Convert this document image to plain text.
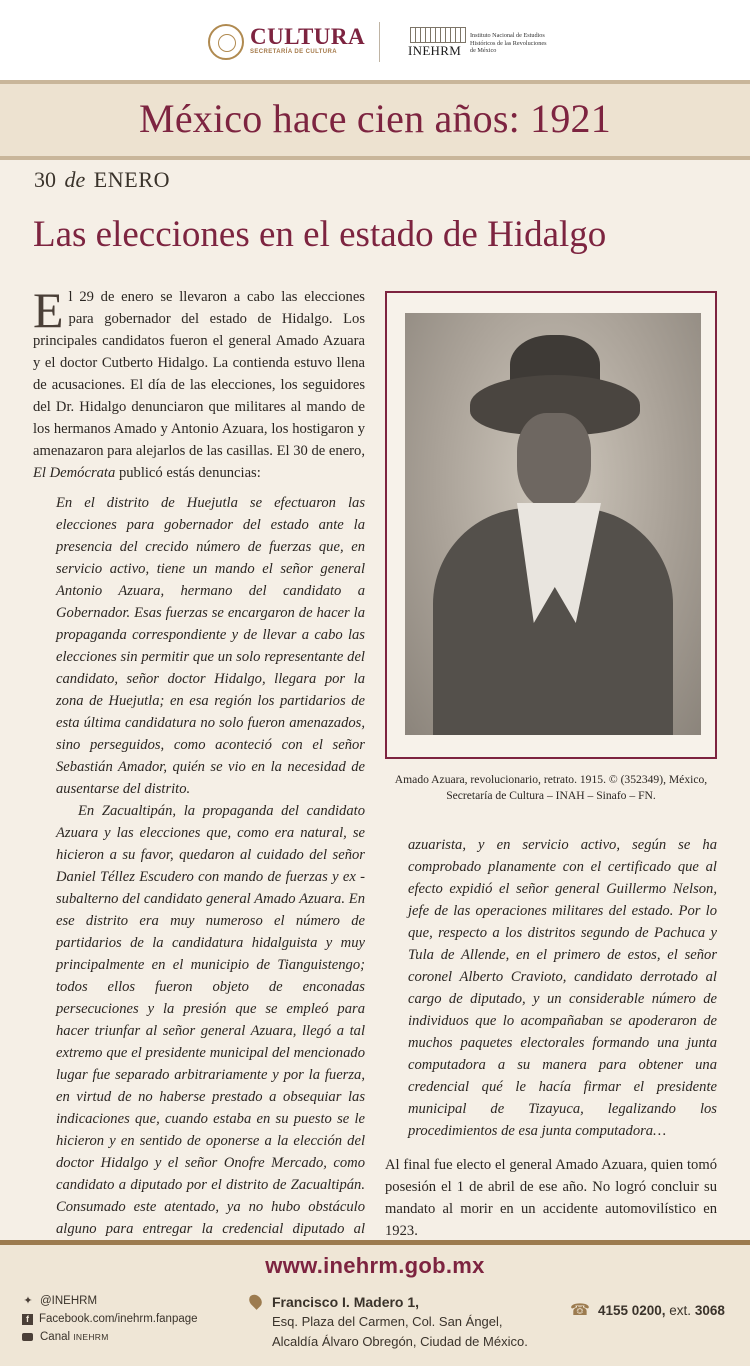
CULTURA
SECRETARÍA DE CULTURA	INEHRM
Instituto Nacional de Estudios Históricos de las Revoluciones de México
México hace cien años: 1921
30 de ENERO
Las elecciones en el estado de Hidalgo

El 29 de enero se llevaron a cabo las elecciones para gobernador del estado de Hidalgo. Los principales candidatos fueron el general Amado Azuara y el doctor Cutberto Hidalgo. La contienda estuvo llena de acusaciones. El día de las elecciones, los seguidores del Dr. Hidalgo denunciaron que militares al mando de los hermanos Amado y Antonio Azuara, los hostigaron y amenazaron para alejarlos de las casillas. El 30 de enero, El Demócrata publicó estás denuncias:

En el distrito de Huejutla se efectuaron las elecciones para gobernador del estado ante la presencia del crecido número de fuerzas que, en servicio activo, tiene un mando el señor general Antonio Azuara, hermano del candidato a Gobernador. Esas fuerzas se encargaron de hacer la propaganda correspondiente y de llevar a cabo las elecciones sin permitir que un solo representante del candidato, señor doctor Hidalgo, llegara por la zona de Huejutla; en esa región los partidarios de esta última candidatura no solo fueron amenazados, sino perseguidos, como aconteció con el señor Sebastián Amador, quién se vio en la necesidad de ausentarse del distrito.

En Zacualtipán, la propaganda del candidato Azuara y las elecciones que, como era natural, se hicieron a su favor, quedaron al cuidado del señor Daniel Téllez Escudero con mando de fuerzas y ex - subalterno del candidato general Amado Azuara. En ese distrito era muy numeroso el número de partidarios de la candidatura hidalguista y muy principalmente en el municipio de Tianguistengo; todos ellos fueron objeto de enconadas persecuciones y la presión que se empleó para hacer triunfar al señor general Azuara, llegó a tal extremo que el presidente municipal del mencionado lugar fue separado arbitrariamente y por la fuerza, en virtud de no haberse prestado a obsequiar las indicaciones que, cuando estaba en su puesto se le hicieron y en sentido de oponerse a la elección del doctor Hidalgo y el señor Onofre Mercado, como candidato a diputado por el distrito de Zacualtipán. Consumado este atentado, ya no hubo obstáculo alguno para entregar la credencial diputado al

Amado Azuara, revolucionario, retrato. 1915. © (352349), México, Secretaría de Cultura – INAH – Sinafo – FN.

azuarista, y en servicio activo, según se ha comprobado planamente con el certificado que al efecto expidió el señor general Guillermo Nelson, jefe de las operaciones militares del estado. Por lo que, respecto a los distritos segundo de Pachuca y Tula de Allende, en el primero de estos, el señor coronel Alberto Cravioto, candidato derrotado al cargo de diputado, y un considerable número de individuos que lo acompañaban se apoderaron de muchos paquetes electorales formando una junta computadora a su manera para obtener una credencial qué le hacía firmar el presidente municipal de Tizayuca, legalizando los procedimientos de esa junta computadora…

Al final fue electo el general Amado Azuara, quien tomó posesión el 1 de abril de ese año. No logró concluir su mandato al morir en un accidente automovilístico en 1923.

www.inehrm.gob.mx
✦ @INEHRM
f Facebook.com/inehrm.fanpage
Canal
INEHRM
Francisco I. Madero 1,
Esq. Plaza del Carmen, Col. San Ángel,
Alcaldía Álvaro Obregón, Ciudad de México.
☎ 4155 0200, ext. 3068
